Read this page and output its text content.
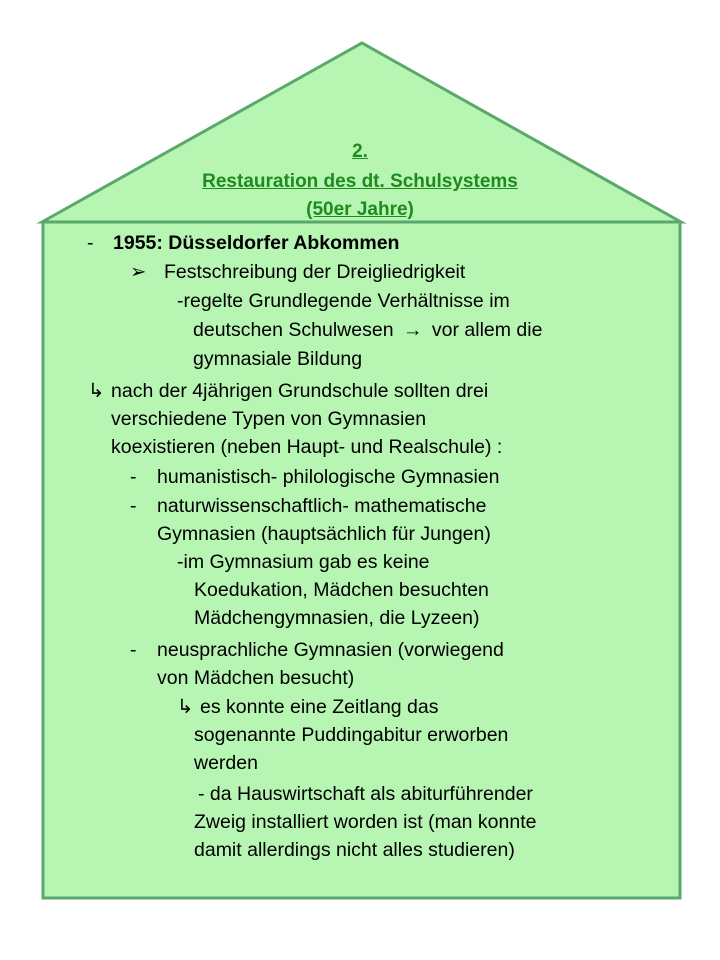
2.
Restauration des dt. Schulsystems
(50er Jahre)
- 1955: Düsseldorfer Abkommen
➢ Festschreibung der Dreigliedrigkeit
-regelte Grundlegende Verhältnisse im
deutschen Schulwesen → vor allem die
gymnasiale Bildung
↳ nach der 4jährigen Grundschule sollten drei
verschiedene Typen von Gymnasien
koexistieren (neben Haupt- und Realschule) :
- humanistisch- philologische Gymnasien
- naturwissenschaftlich- mathematische
Gymnasien (hauptsächlich für Jungen)
-im Gymnasium gab es keine
Koedukation, Mädchen besuchten
Mädchengymnasien, die Lyzeen)
- neusprachliche Gymnasien (vorwiegend
von Mädchen besucht)
↳ es konnte eine Zeitlang das
sogenannte Puddingabitur erworben
werden
- da Hauswirtschaft als abiturführender
Zweig installiert worden ist (man konnte
damit allerdings nicht alles studieren)
